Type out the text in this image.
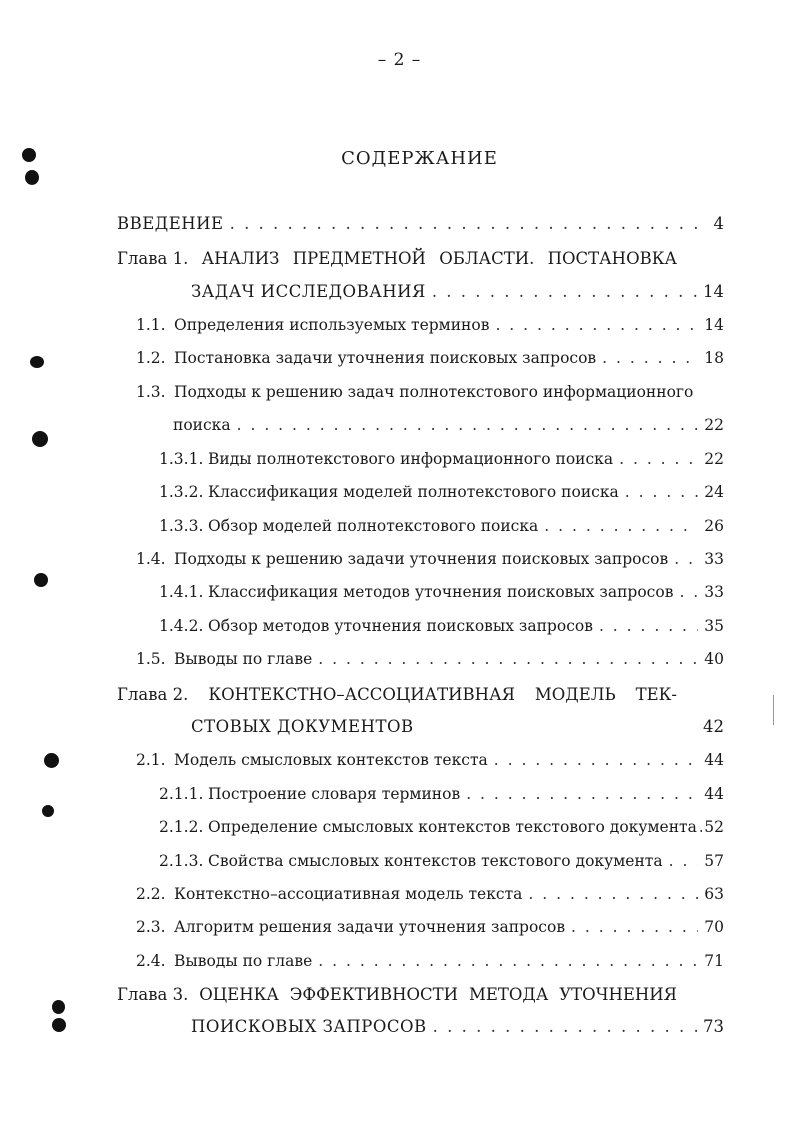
– 2 –
СОДЕРЖАНИЕ
ВВЕДЕНИЕ . . .	4
Глава 1. АНАЛИЗ ПРЕДМЕТНОЙ ОБЛАСТИ. ПОСТАНОВКА
ЗАДАЧ ИССЛЕДОВАНИЯ . . .	14
1.1. Определения используемых терминов . . .	14
1.2. Постановка задачи уточнения поисковых запросов . . .	18
1.3. Подходы к решению задач полнотекстового информационного
поиска . . .	22
1.3.1. Виды полнотекстового информационного поиска . . .	22
1.3.2. Классификация моделей полнотекстового поиска . . .	24
1.3.3. Обзор моделей полнотекстового поиска . . .	26
1.4. Подходы к решению задачи уточнения поисковых запросов . . . 33
1.4.1. Классификация методов уточнения поисковых запросов . . . 33
1.4.2. Обзор методов уточнения поисковых запросов . . .	35
1.5. Выводы по главе . . .	40
Глава 2. КОНТЕКСТНО–АССОЦИАТИВНАЯ МОДЕЛЬ ТЕК-
СТОВЫХ ДОКУМЕНТОВ	42
2.1. Модель смысловых контекстов текста . . .	44
2.1.1. Построение словаря терминов . . .	44
2.1.2. Определение смысловых контекстов текстового документа . . . 52
2.1.3. Свойства смысловых контекстов текстового документа . . .	57
2.2. Контекстно–ассоциативная модель текста . . .	63
2.3. Алгоритм решения задачи уточнения запросов . . .	70
2.4. Выводы по главе . . .	71
Глава 3. ОЦЕНКА ЭФФЕКТИВНОСТИ МЕТОДА УТОЧНЕНИЯ
ПОИСКОВЫХ ЗАПРОСОВ . . .	73
